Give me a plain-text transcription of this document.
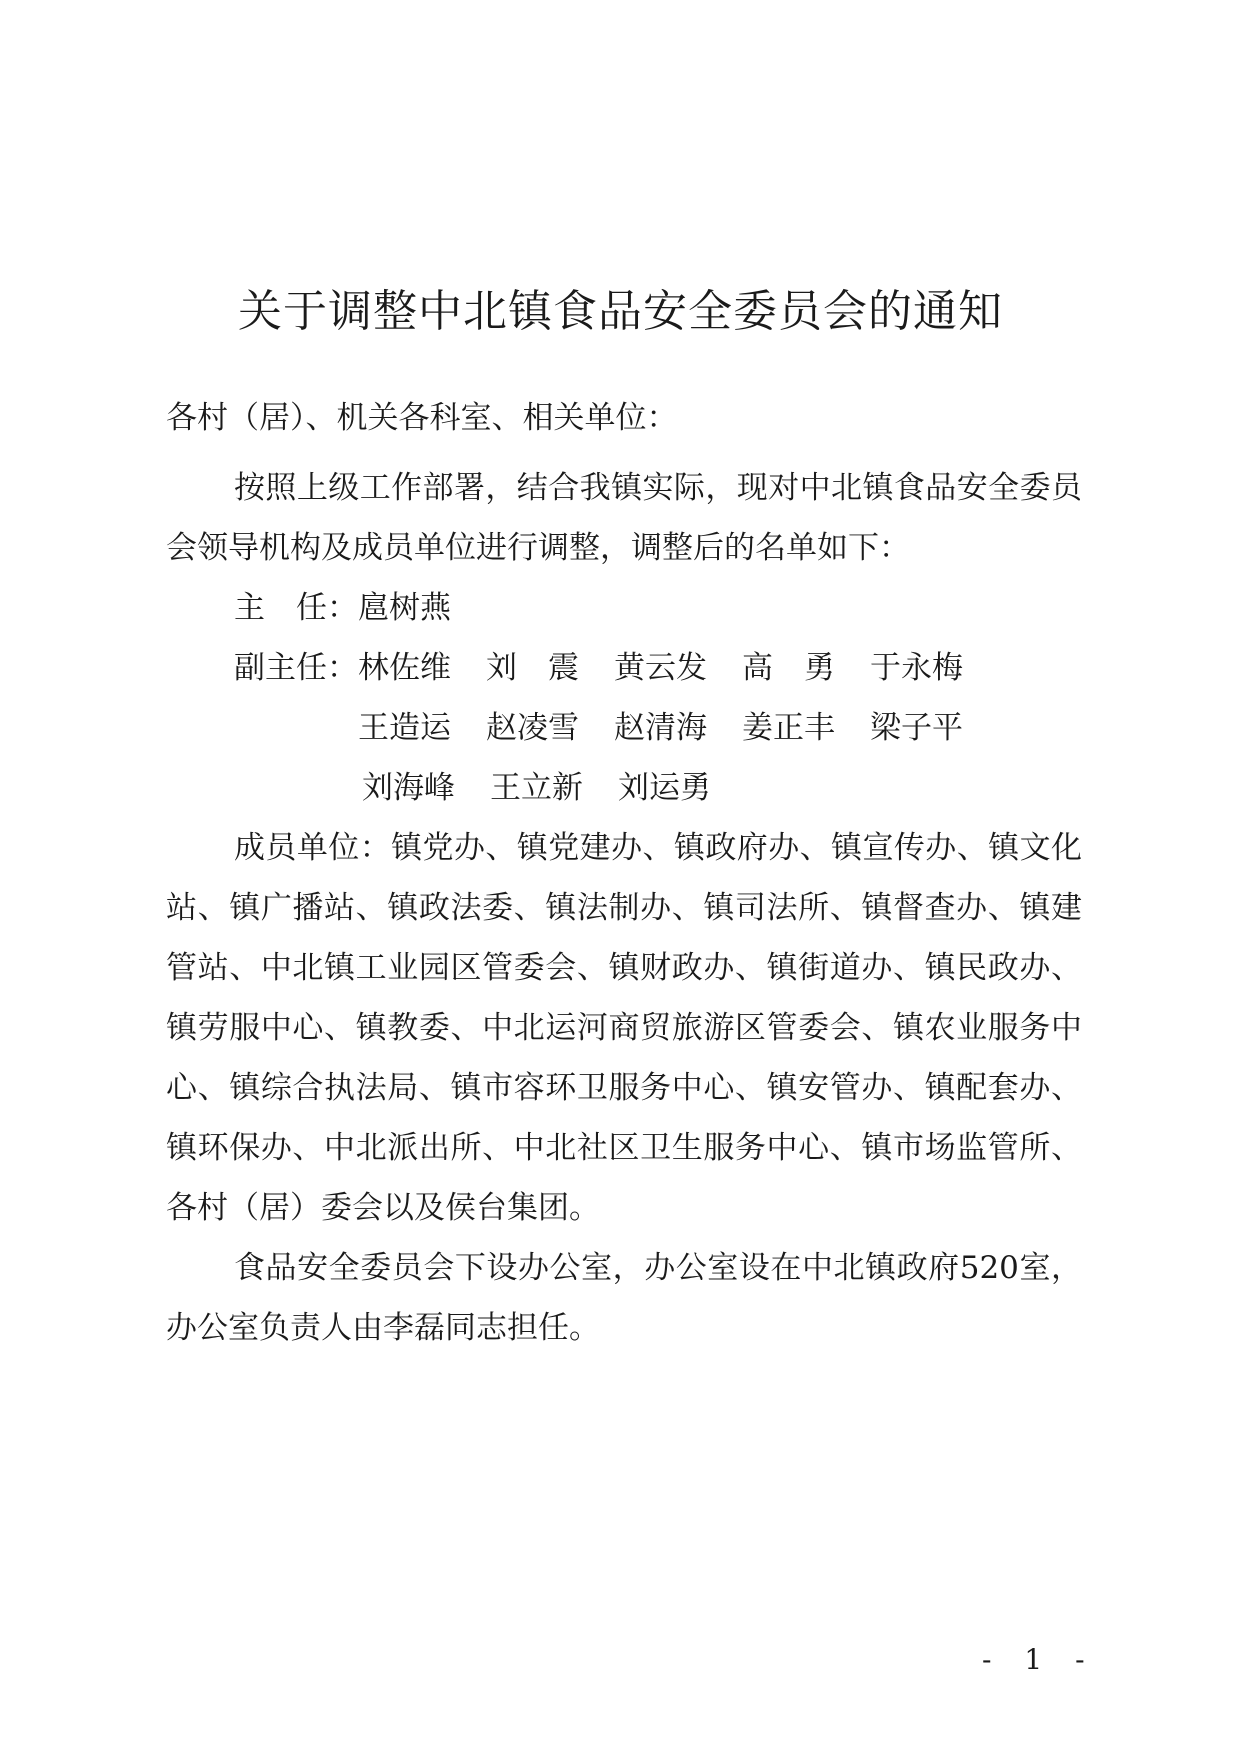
关于调整中北镇食品安全委员会的通知
各村（居）、机关各科室、相关单位：
按照上级工作部署，结合我镇实际，现对中北镇食品安全委员会领导机构及成员单位进行调整，调整后的名单如下：
主　任：扈树燕
副主任：林佐维 刘　震 黄云发 高　勇 于永梅
王造运 赵凌雪 赵清海 姜正丰 梁子平
刘海峰 王立新 刘运勇
成员单位：镇党办、镇党建办、镇政府办、镇宣传办、镇文化站、镇广播站、镇政法委、镇法制办、镇司法所、镇督查办、镇建管站、中北镇工业园区管委会、镇财政办、镇街道办、镇民政办、镇劳服中心、镇教委、中北运河商贸旅游区管委会、镇农业服务中心、镇综合执法局、镇市容环卫服务中心、镇安管办、镇配套办、镇环保办、中北派出所、中北社区卫生服务中心、镇市场监管所、各村（居）委会以及侯台集团。
食品安全委员会下设办公室，办公室设在中北镇政府520室，办公室负责人由李磊同志担任。
- 1 -
